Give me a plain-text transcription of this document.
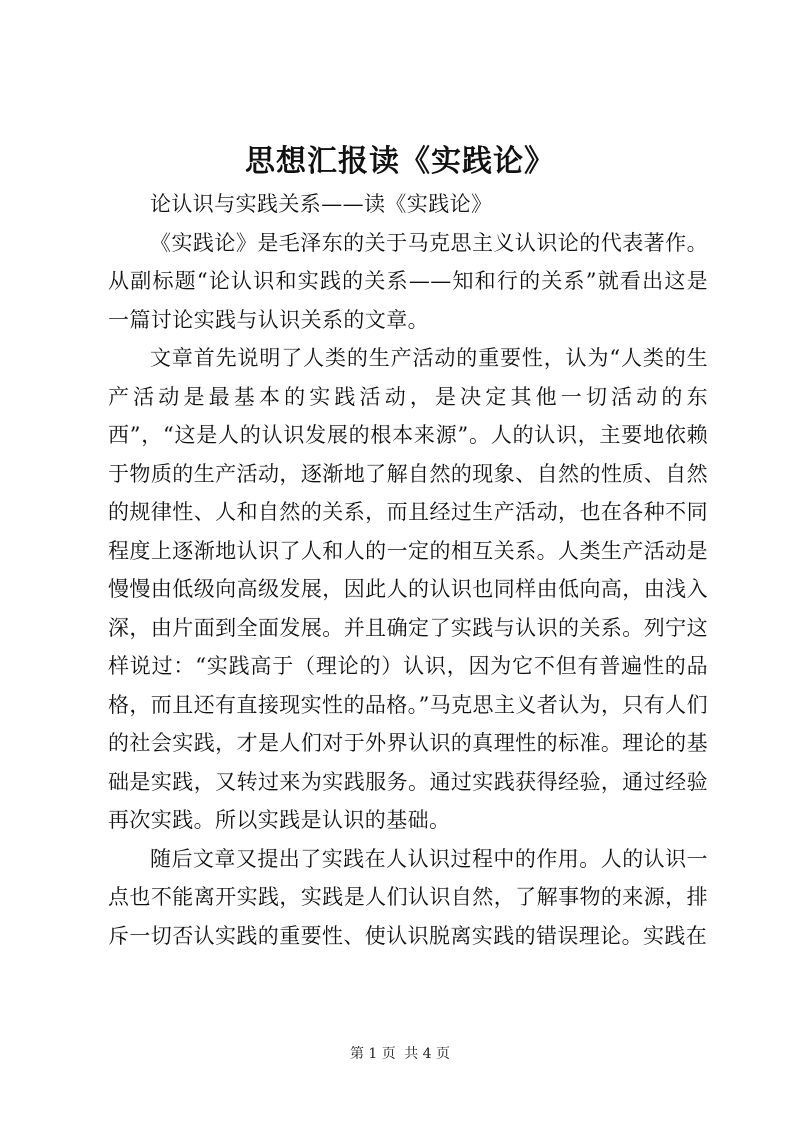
思想汇报读《实践论》

论认识与实践关系——读《实践论》

《实践论》是毛泽东的关于马克思主义认识论的代表著作。从副标题“论认识和实践的关系——知和行的关系”就看出这是一篇讨论实践与认识关系的文章。

文章首先说明了人类的生产活动的重要性，认为“人类的生产活动是最基本的实践活动，是决定其他一切活动的东西”，“这是人的认识发展的根本来源”。人的认识，主要地依赖于物质的生产活动，逐渐地了解自然的现象、自然的性质、自然的规律性、人和自然的关系，而且经过生产活动，也在各种不同程度上逐渐地认识了人和人的一定的相互关系。人类生产活动是慢慢由低级向高级发展，因此人的认识也同样由低向高，由浅入深，由片面到全面发展。并且确定了实践与认识的关系。列宁这样说过：“实践高于（理论的）认识，因为它不但有普遍性的品格，而且还有直接现实性的品格。”马克思主义者认为，只有人们的社会实践，才是人们对于外界认识的真理性的标准。理论的基础是实践，又转过来为实践服务。通过实践获得经验，通过经验再次实践。所以实践是认识的基础。

随后文章又提出了实践在人认识过程中的作用。人的认识一点也不能离开实践，实践是人们认识自然，了解事物的来源，排斥一切否认实践的重要性、使认识脱离实践的错误理论。实践在

第 1 页 共 4 页
